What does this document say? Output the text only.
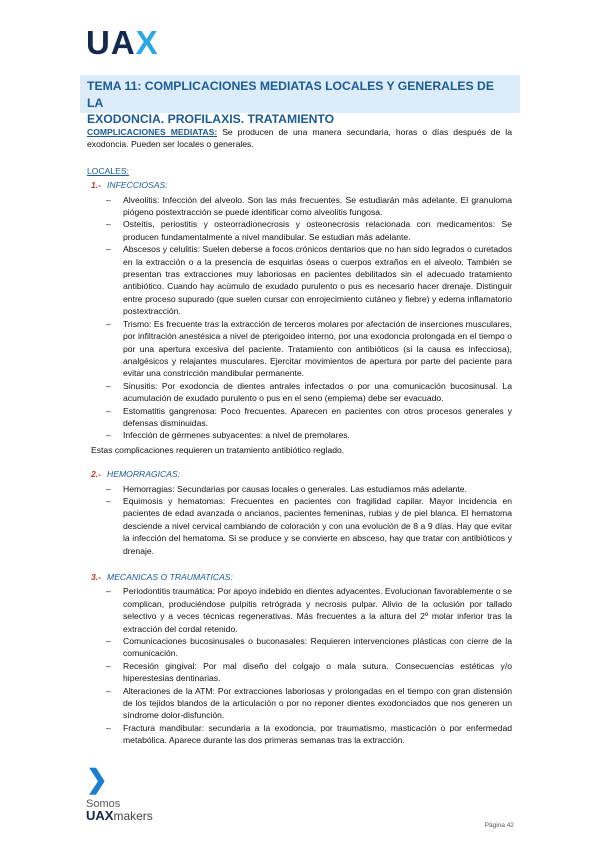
UAX
TEMA 11: COMPLICACIONES MEDIATAS LOCALES Y GENERALES DE LA
EXODONCIA. PROFILAXIS. TRATAMIENTO

COMPLICACIONES MEDIATAS: Se producen de una manera secundaria, horas o días después de la exodoncia. Pueden ser locales o generales.

LOCALES:
1.- INFECCIOSAS:
– Alveolitis: Infección del alveolo. Son las más frecuentes. Se estudiarán más adelante. El granuloma piógeno postextracción se puede identificar como alveolitis fungosa.
– Osteítis, periostitis y osteorradionecrosis y osteonecrosis relacionada con medicamentos: Se producen fundamentalmente a nivel mandibular. Se estudian más adelante.
– Abscesos y celulitis: Suelen deberse a focos crónicos dentarios que no han sido legrados o curetados en la extracción o a la presencia de esquirlas óseas o cuerpos extraños en el alveolo. También se presentan tras extracciones muy laboriosas en pacientes debilitados sin el adecuado tratamiento antibiótico. Cuando hay acúmulo de exudado purulento o pus es necesario hacer drenaje. Distinguir entre proceso supurado (que suelen cursar con enrojecimiento cutáneo y fiebre) y edema inflamatorio postextracción.
– Trismo: Es frecuente tras la extracción de terceros molares por afectación de inserciones musculares, por infiltración anestésica a nivel de pterigoideo interno, por una exodoncia prolongada en el tiempo o por una apertura excesiva del paciente. Tratamiento con antibióticos (si la causa es infecciosa), analgésicos y relajantes musculares. Ejercitar movimientos de apertura por parte del paciente para evitar una constricción mandibular permanente.
– Sinusitis: Por exodoncia de dientes antrales infectados o por una comunicación bucosinusal. La acumulación de exudado purulento o pus en el seno (empiema) debe ser evacuado.
– Estomatitis gangrenosa: Poco frecuentes. Aparecen en pacientes con otros procesos generales y defensas disminuidas.
– Infección de gérmenes subyacentes: a nivel de premolares.
Estas complicaciones requieren un tratamiento antibiótico reglado.
2.- HEMORRAGICAS:
– Hemorragias: Secundarias por causas locales o generales. Las estudiamos más adelante.
– Equimosis y hematomas: Frecuentes en pacientes con fragilidad capilar. Mayor incidencia en pacientes de edad avanzada o ancianos, pacientes femeninas, rubias y de piel blanca. El hematoma desciende a nivel cervical cambiando de coloración y con una evolución de 8 a 9 días. Hay que evitar la infección del hematoma. Si se produce y se convierte en absceso, hay que tratar con antibióticos y drenaje.
3.- MECANICAS O TRAUMATICAS:
– Periodontitis traumática: Por apoyo indebido en dientes adyacentes. Evolucionan favorablemente o se complican, produciéndose pulpitis retrógrada y necrosis pulpar. Alivio de la oclusión por tallado selectivo y a veces técnicas regenerativas. Más frecuentes a la altura del 2º molar inferior tras la extracción del cordal retenido.
– Comunicaciones bucosinusales o buconasales: Requieren intervenciones plásticas con cierre de la comunicación.
– Recesión gingival: Por mal diseño del colgajo o mala sutura. Consecuencias estéticas y/o hiperestesias dentinarias.
– Alteraciones de la ATM: Por extracciones laboriosas y prolongadas en el tiempo con gran distensión de los tejidos blandos de la articulación o por no reponer dientes exodonciados que nos generen un síndrome dolor-disfunción.
– Fractura mandibular: secundaria a la exodoncia, por traumatismo, masticación o por enfermedad metabólica. Aparece durante las dos primeras semanas tras la extracción.
❯
Somos
UAXmakers
Página 42
